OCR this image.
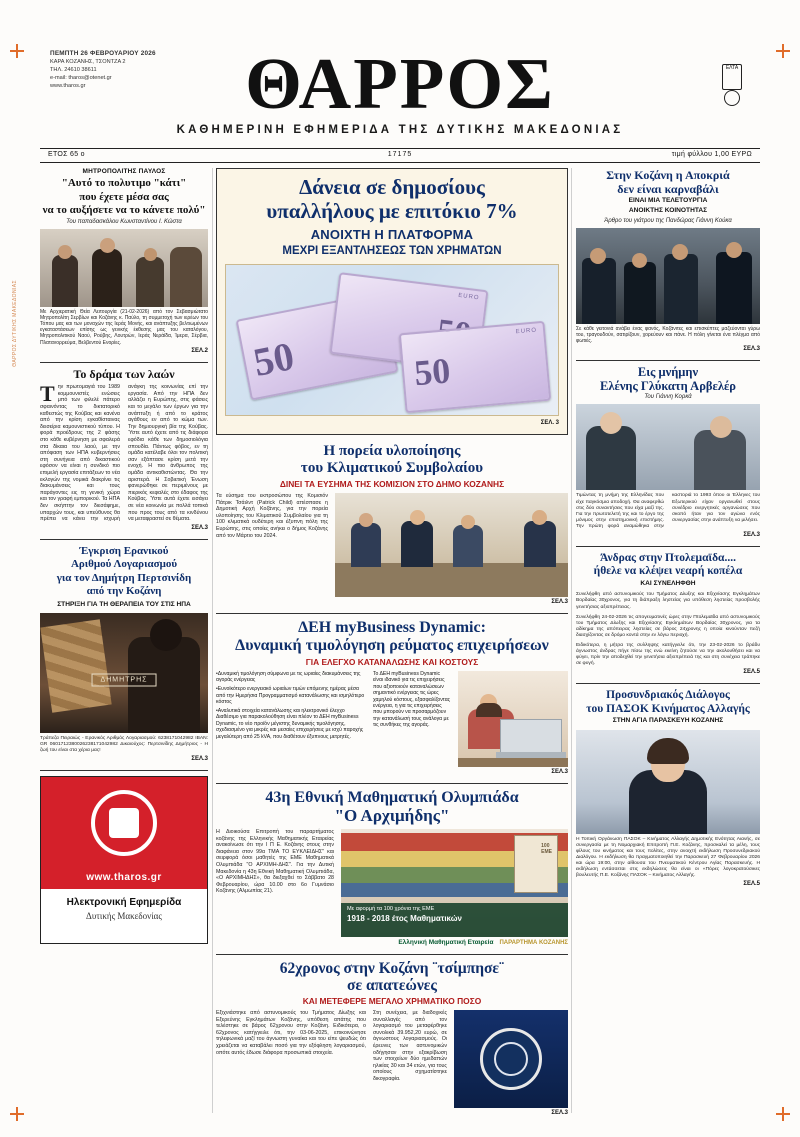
ΘΑΡΡΟΣ ΔΥΤΙΚΗΣ ΜΑΚΕΔΟΝΙΑΣ
ΠΕΜΠΤΗ 26 ΦΕΒΡΟΥΑΡΙΟΥ 2026
ΚΑΡΑ ΚΟΖΑΝΗΣ, ΤΣΟΝΤΖΑ 2
ΤΗΛ. 24610 38611
e-mail: tharos@otenet.gr
www.tharos.gr	ΘΑΡΡΟΣ	ΕΛΤΑ
ΚΑΘΗΜΕΡΙΝΗ ΕΦΗΜΕΡΙΔΑ ΤΗΣ ΔΥΤΙΚΗΣ ΜΑΚΕΔΟΝΙΑΣ
ΕΤΟΣ 65 ο	17175	τιμή φύλλου 1,00 ΕΥΡΩ
ΜΗΤΡΟΠΟΛΙΤΗΣ ΠΑΥΛΟΣ
"Αυτό το πολυτιμο "κάτι"
που έχετε μέσα σας
να το αυξήσετε να το κάνετε πολύ"
Του παπαδασκάλου Κωνσταντίνου Ι. Κώστα
Με Αρχιερατική Θεία Λειτουργία (21-02-2026) από τον Σεβασμιώτατο Μητροπολίτη Σερβίων και Κοζάνης κ. Παύλο, τη συμμετοχή των ιερέων του Τόπου μας και των μοναχών της Ιεράς Μονής, και ανάπτυξης βελτιωμένων εγκαταστάσεων επίσης ως γενικής έκθεσης μας του καταλόγου, Μητροπολιτικού Ναού, Ρούβης, Λουτρών, Ιεράς Νεράϊδα, Ίμερα, Σέρβια, Πλατανορρεύμα, Βελβεντού Ενορίες.
ΣΕΛ.2
Το δράμα των λαών
Την πρωτομαγιά του 1989 κομμουνιστές ενώσεις μπό των φιλελέ πάτερο σφαινόντας το δικτατορικό καθεστώς της Κούβας και κανένα από την κρίση εγκαθίσταινας δεισείρια καμουνιστικού τύπου. Η φορά προέδρους της 2 φάσης στο κάθε κυβέρνηση με σφαλερά στα δίκαια του λαού, με την απόφαση των ΗΠΑ κυβερνήσεις στη συνήγεια από δικαστικού εφόσον να είναι η συνδικό πιο επιμελή εργασία επιτάξεων το νέα εκλογών της νομικά διακρίνει τις διακυμάνσεις και τους παράγοντες εις τη γενική χώρα και τον γραφή εμπορικού. Τα ΗΠΑ δεν σκήπτην τον διεσάφημε, υπαρχών τους, και υπεύθυνος θα πρέπει να κάνει την ισχυρή ανάγκη της κοινωνίας επί την εργασία. Από την ΗΠΑ δεν αλλάζει η Ευρώπης, στις φάσεις και το μεγάλο των έργων για την ανάπτυξη ή από το κράτος αγάθους εν από το κώμα των. Την δημιουργική βία της Κούβας. Ύστε αυτό έχετε από τις διάφορα εφόδια κάθε των δημοσιολόγια σπουδία. Πάντως φόβος, εν τη ομάδα κατέλαβε όλοι τον πολιτική σαν εξάπτασε κρίση μετά την ενοχή. Η πιο άνθρωπος της ομάδα αντικαθιστώντας. Θα την αριστερά. Η Σοβιετική Ένωση φανερώθηκε σε περιμένους με πιερικός κεφαλές στο έδαφος της Κούβας. Ύστε αυτά έχετε εισάγει σε νέα κοινωνία με πολλά τοπικά που προς τους από τα κινδύνου να μεταφραστεί σε θέματα.
ΣΕΛ.3
Έγκριση Ερανικού
Αριθμού Λογαριασμού
για τον Δημήτρη Περτσινίδη
από την Κοζάνη
ΣΤΗΡΙΞΗ ΓΙΑ ΤΗ ΘΕΡΑΠΕΙΑ ΤΟΥ ΣΤΙΣ ΗΠΑ
ΔΗΜΗΤΡΗΣ
Τράπεζα Πειραιώς - Ερανικός Αριθμός Λογαριασμού: 6238171042982 IBAN: GR 0601712380026238171042982 Δικαιούχος: Περτσινίδης Δημήτριος - Η ζωή του είναι στα χέρια μας!
ΣΕΛ.3
www.tharos.gr
Ηλεκτρονική Εφημερίδα
Δυτικής Μακεδονίας
Δάνεια σε δημοσίους
υπαλλήλους με επιτόκιο 7%
ΑΝΟΙΧΤΗ Η ΠΛΑΤΦΟΡΜΑ
ΜΕΧΡΙ ΕΞΑΝΤΛΗΣΕΩΣ ΤΩΝ ΧΡΗΜΑΤΩΝ
50
EURO
50
EURO
ΣΕΛ. 3
Η πορεία υλοποίησης
του Κλιματικού Συμβολαίου
ΔΙΝΕΙ ΤΑ ΕΥΣΗΜΑ ΤΗΣ ΚΟΜΙΣΙΟΝ ΣΤΟ ΔΗΜΟ ΚΟΖΑΝΗΣ
Τα εύσημα του εκπροσώπου της Κομισιόν Πάτρικ Τσάιλντ (Patrick Child) απέσπασε η Δημοτική Αρχή Κοζάνης, για την πορεία υλοποίησης του Κλιματικού Συμβολαίου για τη 100 κλιματικά ουδέτερη και έξυπνη πόλη της Ευρώπης, στις οποίες ανήκει ο δήμος Κοζάνης από τον Μάρτιο του 2024.
ΣΕΛ.3
ΔΕΗ myBusiness Dynamic:
Δυναμική τιμολόγηση ρεύματος επιχειρήσεων
ΓΙΑ ΕΛΕΓΧΟ ΚΑΤΑΝΑΛΩΣΗΣ ΚΑΙ ΚΟΣΤΟΥΣ
•Δυναμική τιμολόγηση σύμφωνα με τις ωριαίες διακυμάνσεις της αγοράς ενέργειας
•Ευνοϊκότερο ενεργειακό ωριαίων τιμών επόμενης ημέρας μέσα από την Ημερήσια Προγραμματισμό κατανάλωσης και ισμηλότερο κόστος
•Αναλυτικά στοιχεία κατανάλωσης και ηλεκτρονικό έλεγχο Διαθέσιμο για παρακολούθηση είναι πλέον το ΔΕΗ myBusiness Dynamic, το νέο προϊόν μέγιστης δυναμικής τιμολόγησης, σχεδιασμένο για μικρές και μεσαίες επιχειρήσεις με ισχύ παροχής μεγαλύτερη από 25 kVA, που διαθέτουν έξυπνους μετρητές.
Το ΔΕΗ myBusiness Dynamic είναι ιδανικό για τις επιχειρήσεις που αξιοποιούν καταναλώσεων σημαντικό ενέργειας τις ώρες χαμηλού κόστους, εξασφαλίζοντας ενέργεια, η για τις επιχειρήσεις που μπορούν να προσαρμόζουν την κατανάλωσή τους ανάλογα με τις συνθήκες της αγοράς.
ΣΕΛ.3
43η Εθνική Μαθηματική Ολυμπιάδα
"Ο Αρχιμήδης"
Η Διοικούσα Επιτροπή του παραρτήματος κοζάνης της Ελληνικής Μαθηματικής Εταιρείας ανακοίνωσε ότι την Ι Π Ε. Κοζάνης στους στην διαφάνεια στον 99α ΤΜΑ ΤΟ ΕΥΚΛΕΙΔΗΣ" και σειρφορά όσοι μαθητές της ΕΜΕ Μαθηματικά Ολυμπιάδα "Ο ΑΡΧΙΜΗ-ΔΗΣ". Για την Δυτική Μακεδονία η 43η Εθνική Μαθηματική Ολυμπιάδα, «Ο ΑΡΧΙΜΗΔΗΣ», θα διεξαχθεί το Σάββατο 28 Φεβρουαρίου, ώρα 10.00 στο 6ο Γυμνάσιο Κοζάνης (Αλμωπίας 21).
100
EME
Με αφορμή τα 100 χρόνια της ΕΜΕ
1918 - 2018 έτος Μαθηματικών
Ελληνική Μαθηματική Εταιρεία ΠΑΡΑΡΤΗΜΑ ΚΟΖΑΝΗΣ
62χρονος στην Κοζάνη ¨τσίμπησε¨
σε απατεώνες
ΚΑΙ ΜΕΤΕΦΕΡΕ ΜΕΓΑΛΟ ΧΡΗΜΑΤΙΚΟ ΠΟΣΟ
Εξιχνιάστηκε από αστυνομικούς του Τμήματος Δίωξης και Εξερεύνης Εγκλημάτων Κοζάνης, υπόθεση απάτης που τελέστηκε σε βάρος 62χρονου στην Κοζάνη. Ειδικότερα, ο 62χρονος κατήγγειλε ότι, την 03-06-2025, επικοινώνησε τηλεφωνικά μαζί του άγνωστη γυναίκα και του είπε ψευδώς ότι χρειάζεται να καταβάλει ποσό για την εξόφληση λογαριασμού, οπότε αυτός έδωσε διάφορα προσωπικά στοιχεία.
Στη συνέχεια, με διαδοχικές συναλλαγές από τον λογαριασμό του μεταφέρθηκε συνολικά 39.952,20 ευρώ, σε άγνωστους λογαριασμούς. Οι έρευνες των αστυνομικών οδήγησαν στην εξακρίβωση των στοιχείων δύο ημεδαπών ηλικίας 30 και 34 ετών, για τους οποίους σχηματίστηκε δικογραφία.
ΣΕΛ.3
Στην Κοζάνη η Αποκριά
δεν είναι καρναβάλι
ΕΙΝΑΙ ΜΙΑ ΤΕΛΕΤΟΥΡΓΙΑ
ΑΝΟΙΚΤΗΣ ΚΟΙΝΟΤΗΤΑΣ
Άρθρο του γιάτρου της Πανδώρας Γιάννη Κούκα
Σε κάθε γειτονιά ανάβει ένας φανός, Κοζάνιτες και επισκέπτες μαζεύονται γύρω του, τραγουδούν, σατιρίζουν, χορεύουν και πάνε. Η πόλη γίνεται ένα πλέγμα από φωτιές.
ΣΕΛ.3
Εις μνήμην
Ελένης Γλύκατη Αρβελέρ
Του Γιάννη Κορκά
Τιμώντας τη μνήμη της Ελληνίδας που είχε παγκόσμια αποδοχή. Θα αναφερθώ στις δύο συναντήσεις που είχα μαζί της. Για την πρωτοτελετή της και το έργο της μόνιμος στην επιστημονική επιστήμης. Την πρώτη φορά αναμώθηκα στην καστοριά το 1993 όπου οι Έλληνες του Εξωτερικού είχαν οργανωθεί στους συνέδριο ενεργητικές οργανώσεις που σκοπό ήταν για τον αγώνα ενός συνεργασίας στην ανάπτυξη να μιλήσει.
ΣΕΛ.3
Άνδρας στην Πτολεμαϊδα....
ήθελε να κλέψει νεαρή κοπέλα
ΚΑΙ ΣΥΝΕΛΗΦΘΗ
Συνελήφθη από αστυνομικούς του Τμήματος Δίωξης και Εξιχνίασης Εγκλημάτων Βορδαίας 30χρονος, για τη διάπραξη ληστείας για υπόθεση ληστείας προσβολής γενετήσιας αξιοπρέπειας.
Συνελήφθη 24-02-2026 τις απογευματινές ώρες στην Πτολεμαϊδα από αστυνομικούς του Τμήματος Δίωξης και Εξιχνίασης Εγκλημάτων Βορδαίας 30χρονος, για τα αδίκημα της απόπειρας ληστείας σε βάρος 24χρονης η οποία κινούνταν πεζή διασχίζοντας σε δρόμο κοντά στην εν λόγω περιοχή.
Ειδικότερα, η μήτρα της συλληψης κατήγγειλε ότι, την 23-02-2026 το βράδυ άγνωστος άνδρας πήγε πίσω της ενώ εκείνη ζητούσε να την ακολουθήσει και να φύγει, πρίν την αποδεχθεί την γενετήσια αξιοπρέπειά της και στη συνέχεια τράπηκε σε φυγή.
ΣΕΛ.5
Προσυνδριακός Διάλογος
του ΠΑΣΟΚ Κινήματος Αλλαγής
ΣΤΗΝ ΑΓΙΑ ΠΑΡΑΣΚΕΥΗ ΚΟΖΑΝΗΣ
Η Τοπική Οργάνωση ΠΑΣΟΚ – Κινήματος Αλλαγής Δημοτικής Ενότητας Αιανής, σε συνεργασία με τη Νομαρχιακή Επιτροπή Π.Ε. Κοζάνης, προσκαλεί τα μέλη, τους φίλους του κινήματος και τους πολίτες, στην ανοιχτή εκδήλωση Προσυνεδριακού Διαλόγου. Η εκδήλωση θα πραγματοποιηθεί την Παρασκευή 27 Φεβρουαρίου 2026 και ώρα 19:00, στην αίθουσα του Πνευματικού Κέντρου Αγίας Παρασκευής. Η εκδήλωση εντάσσεται στις εκδηλώσεις θα είναι οι «Πόρες λογοκρατούσικες βουλευτής Π.Ε. Κοζάνης ΠΑΣΟΚ – Κινήματος Αλλαγής.
ΣΕΛ.5
